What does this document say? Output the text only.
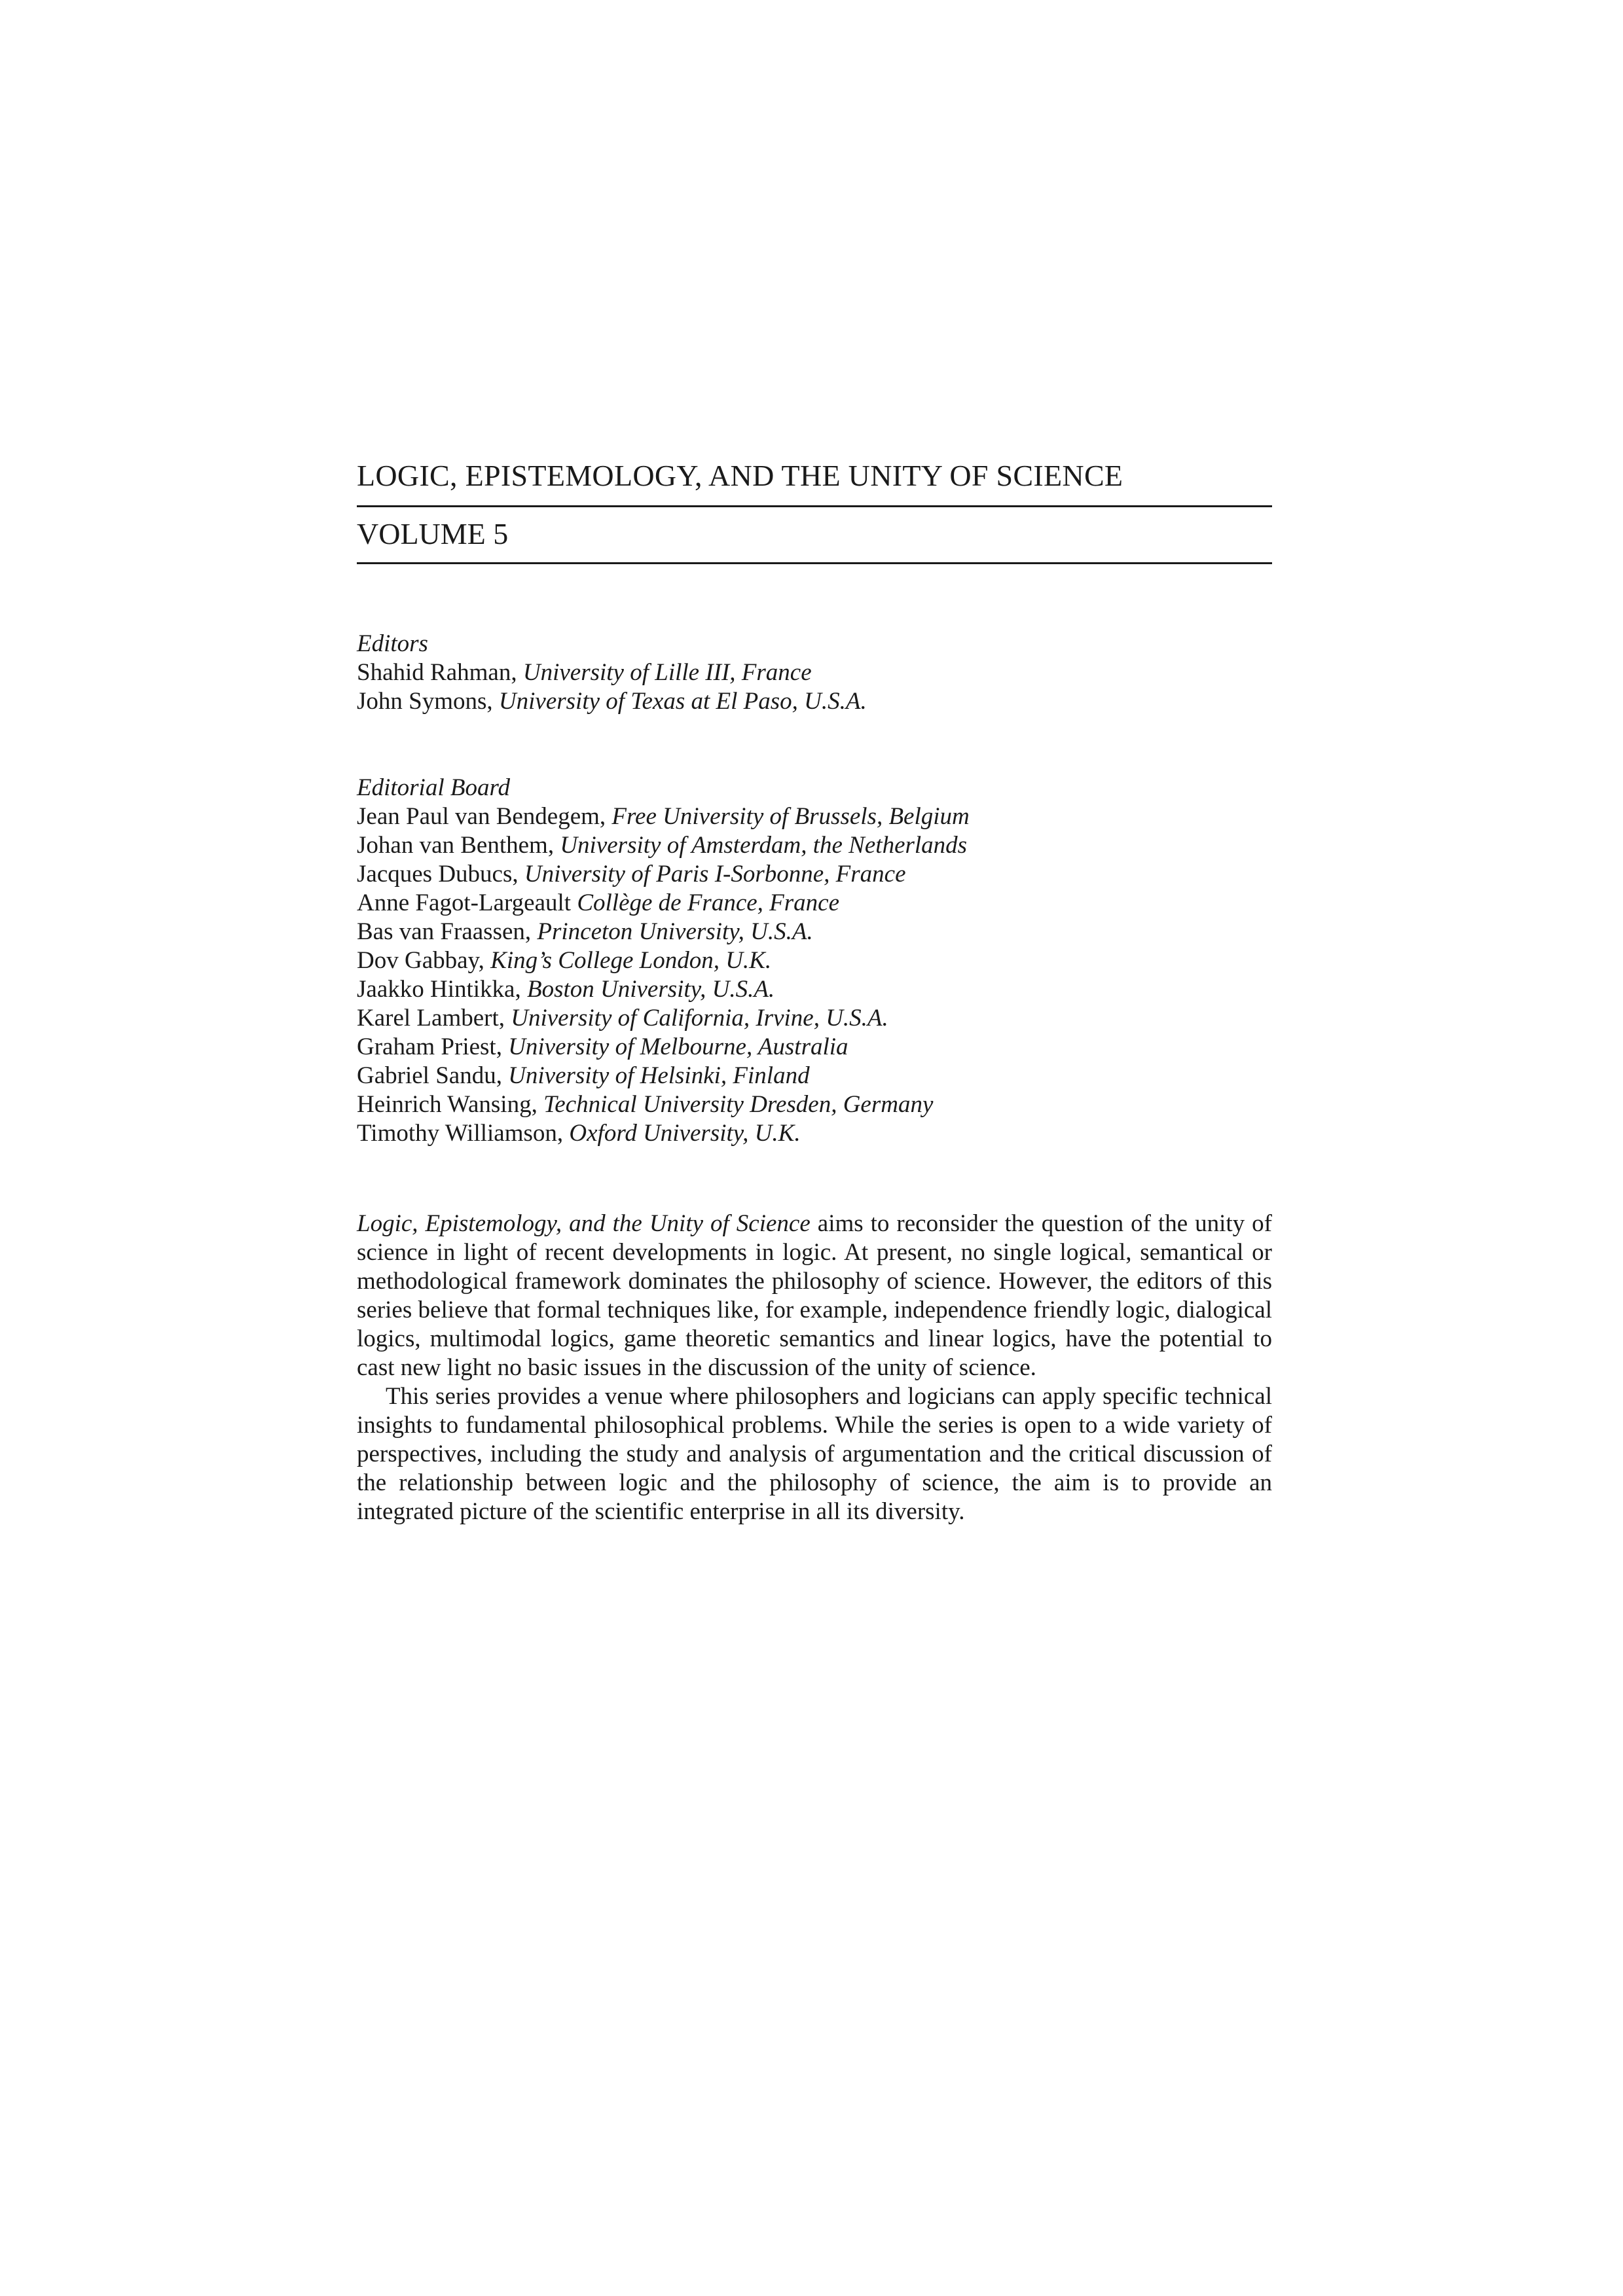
LOGIC, EPISTEMOLOGY, AND THE UNITY OF SCIENCE
VOLUME 5
Editors
Shahid Rahman, University of Lille III, France
John Symons, University of Texas at El Paso, U.S.A.
Editorial Board
Jean Paul van Bendegem, Free University of Brussels, Belgium
Johan van Benthem, University of Amsterdam, the Netherlands
Jacques Dubucs, University of Paris I-Sorbonne, France
Anne Fagot-Largeault Collège de France, France
Bas van Fraassen, Princeton University, U.S.A.
Dov Gabbay, King’s College London, U.K.
Jaakko Hintikka, Boston University, U.S.A.
Karel Lambert, University of California, Irvine, U.S.A.
Graham Priest, University of Melbourne, Australia
Gabriel Sandu, University of Helsinki, Finland
Heinrich Wansing, Technical University Dresden, Germany
Timothy Williamson, Oxford University, U.K.

Logic, Epistemology, and the Unity of Science aims to reconsider the question of the unity of science in light of recent developments in logic. At present, no single logical, semantical or methodological framework dominates the philosophy of science. However, the editors of this series believe that formal techniques like, for example, independence friendly logic, dialogical logics, multimodal logics, game theoretic semantics and linear logics, have the potential to cast new light no basic issues in the discussion of the unity of science.

This series provides a venue where philosophers and logicians can apply specific technical insights to fundamental philosophical problems. While the series is open to a wide variety of perspectives, including the study and analysis of argumentation and the critical discussion of the relationship between logic and the philosophy of science, the aim is to provide an integrated picture of the scientific enterprise in all its diversity.
